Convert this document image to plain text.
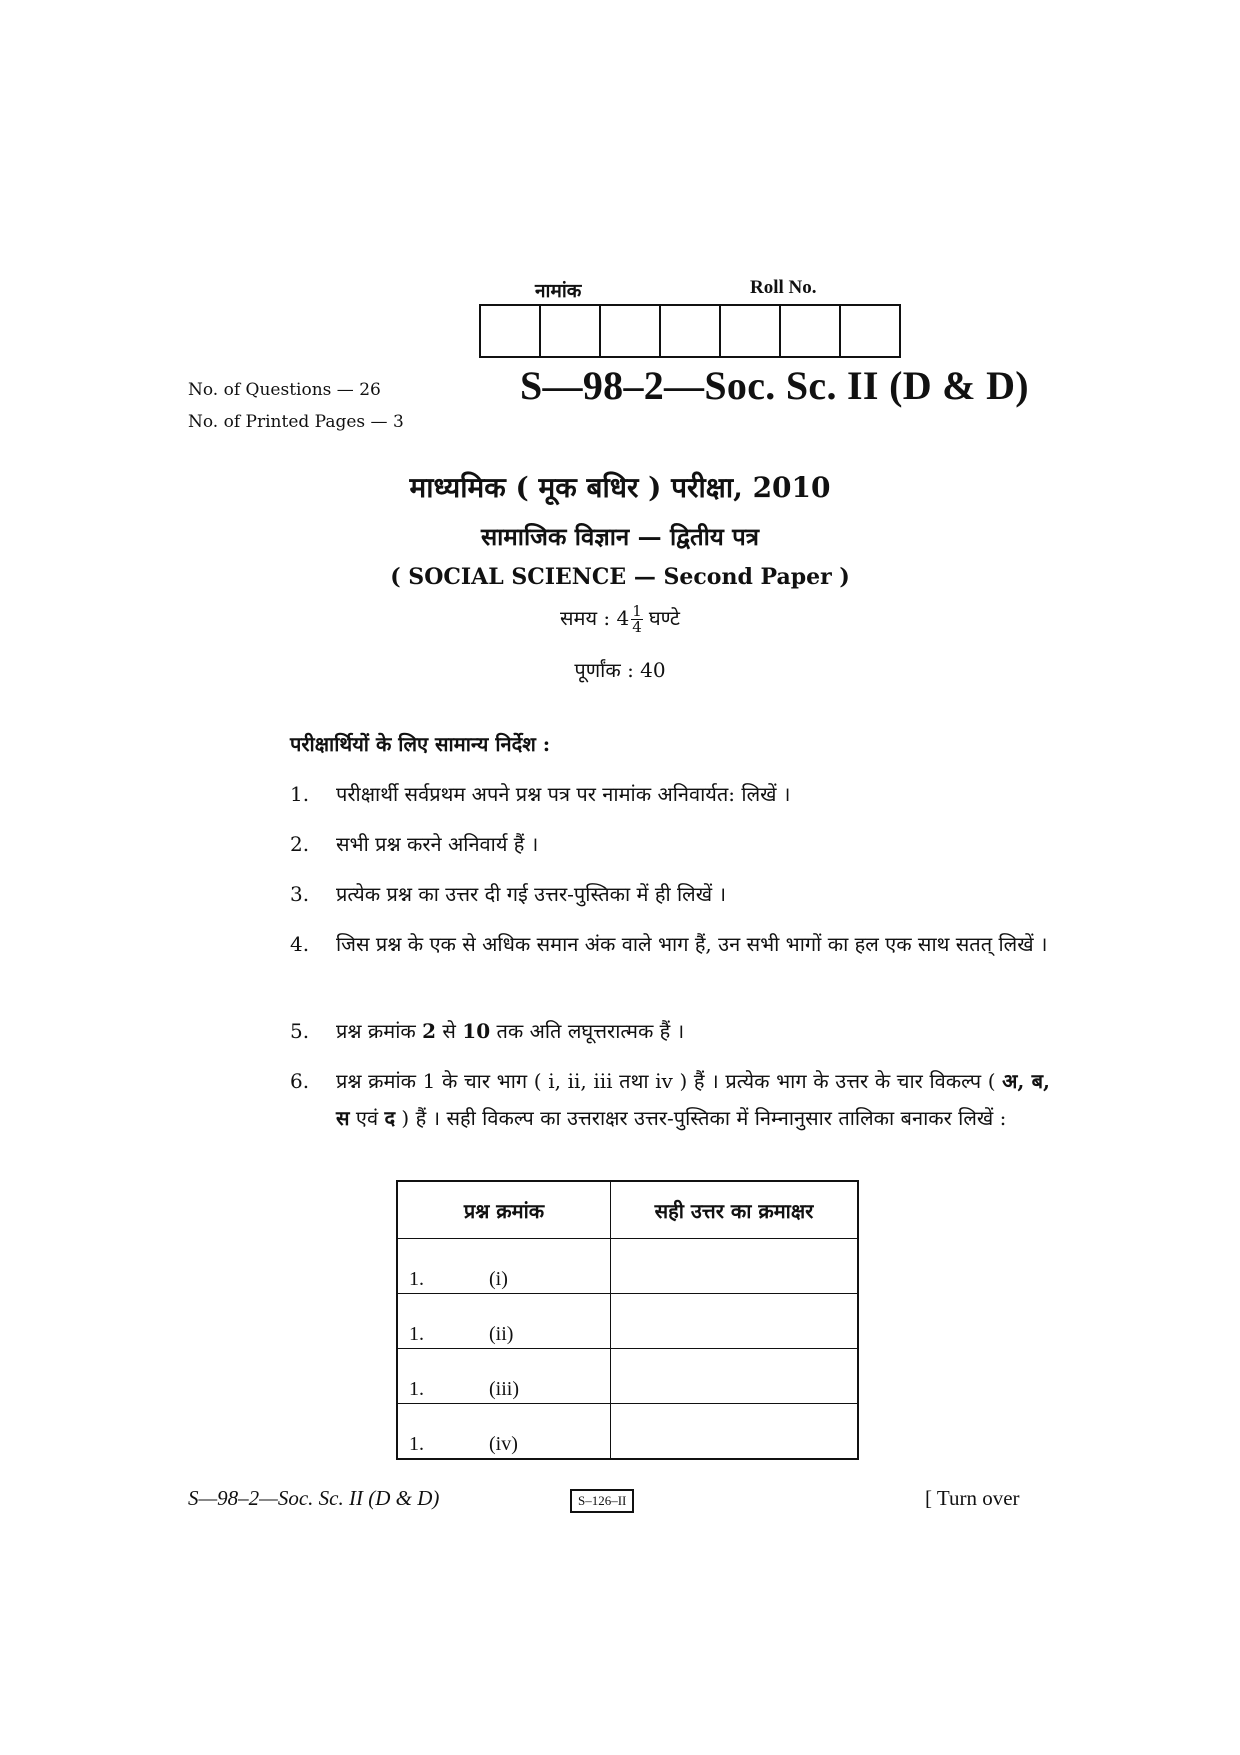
नामांक	Roll No.
No. of Questions — 26
No. of Printed Pages — 3
S—98–2—Soc. Sc. II (D & D)
माध्यमिक ( मूक बधिर ) परीक्षा, 2010
सामाजिक विज्ञान — द्वितीय पत्र
( SOCIAL SCIENCE — Second Paper )
समय : $4 \frac{1}{4}$ घण्टे
पूर्णांक : 40
परीक्षार्थियों के लिए सामान्य निर्देश :
1. परीक्षार्थी सर्वप्रथम अपने प्रश्न पत्र पर नामांक अनिवार्यत: लिखें ।
2. सभी प्रश्न करने अनिवार्य हैं ।
3. प्रत्येक प्रश्न का उत्तर दी गई उत्तर-पुस्तिका में ही लिखें ।
4. जिस प्रश्न के एक से अधिक समान अंक वाले भाग हैं, उन सभी भागों का हल एक साथ सतत् लिखें ।
5. प्रश्न क्रमांक 2 से 10 तक अति लघूत्तरात्मक हैं ।
6. प्रश्न क्रमांक 1 के चार भाग ( i, ii, iii तथा iv ) हैं । प्रत्येक भाग के उत्तर के चार विकल्प ( अ, ब, स एवं द ) हैं । सही विकल्प का उत्तराक्षर उत्तर-पुस्तिका में निम्नानुसार तालिका बनाकर लिखें :
प्रश्न क्रमांक	सही उत्तर का क्रमाक्षर
1. (i)	
1. (ii)	
1. (iii)	
1. (iv)	
S—98–2—Soc. Sc. II (D & D)	S–126–II	[ Turn over
